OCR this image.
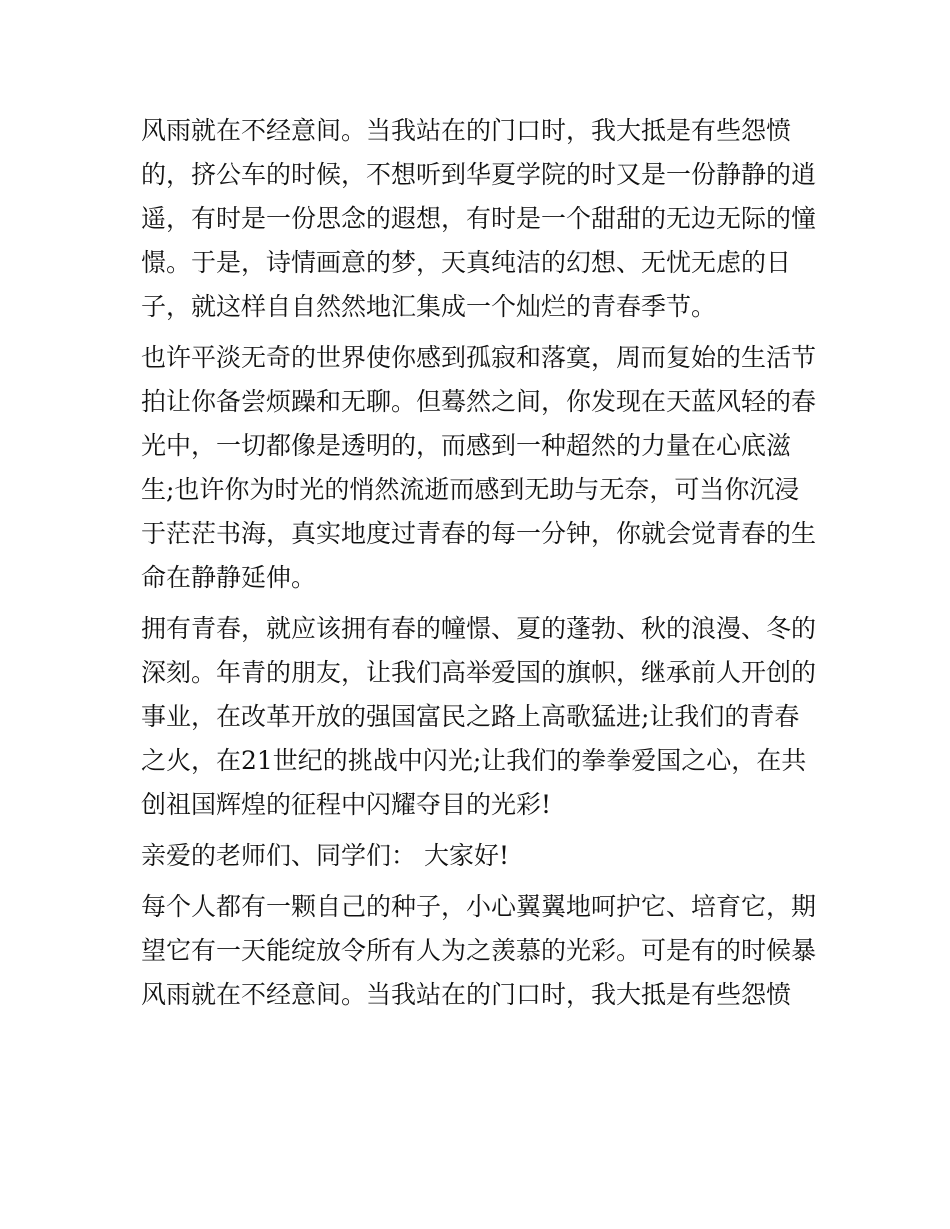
风雨就在不经意间。当我站在的门口时，我大抵是有些怨愤
的，挤公车的时候，不想听到华夏学院的时又是一份静静的逍
遥，有时是一份思念的遐想，有时是一个甜甜的无边无际的憧
憬。于是，诗情画意的梦，天真纯洁的幻想、无忧无虑的日
子，就这样自自然然地汇集成一个灿烂的青春季节。
也许平淡无奇的世界使你感到孤寂和落寞，周而复始的生活节
拍让你备尝烦躁和无聊。但蓦然之间，你发现在天蓝风轻的春
光中，一切都像是透明的，而感到一种超然的力量在心底滋
生;也许你为时光的悄然流逝而感到无助与无奈，可当你沉浸
于茫茫书海，真实地度过青春的每一分钟，你就会觉青春的生
命在静静延伸。
拥有青春，就应该拥有春的幢憬、夏的蓬勃、秋的浪漫、冬的
深刻。年青的朋友，让我们高举爱国的旗帜，继承前人开创的
事业，在改革开放的强国富民之路上高歌猛进;让我们的青春
之火，在21世纪的挑战中闪光;让我们的拳拳爱国之心，在共
创祖国辉煌的征程中闪耀夺目的光彩!
亲爱的老师们、同学们： 大家好!
每个人都有一颗自己的种子，小心翼翼地呵护它、培育它，期
望它有一天能绽放令所有人为之羡慕的光彩。可是有的时候暴
风雨就在不经意间。当我站在的门口时，我大抵是有些怨愤
